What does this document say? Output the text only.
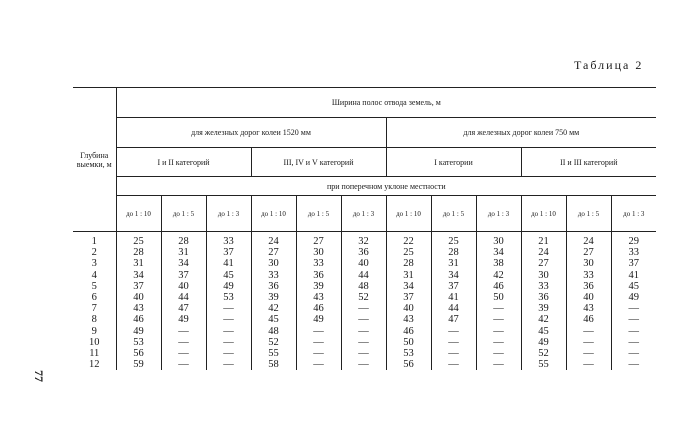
Таблица 2
77
Глубина выемки, м	Ширина полос отвода земель, м											
	для железных дорог колеи 1520 мм						для железных дорог колеи 750 мм					
	I и II категорий			III, IV и V категорий			I категории			II и III категорий		
	при поперечном уклоне местности											
	до 1 : 10	до 1 : 5	до 1 : 3	до 1 : 10	до 1 : 5	до 1 : 3	до 1 : 10	до 1 : 5	до 1 : 3	до 1 : 10	до 1 : 5	до 1 : 3

1	25	28	33	24	27	32	22	25	30	21	24	29
2	28	31	37	27	30	36	25	28	34	24	27	33
3	31	34	41	30	33	40	28	31	38	27	30	37
4	34	37	45	33	36	44	31	34	42	30	33	41
5	37	40	49	36	39	48	34	37	46	33	36	45
6	40	44	53	39	43	52	37	41	50	36	40	49
7	43	47	—	42	46	—	40	44	—	39	43	—
8	46	49	—	45	49	—	43	47	—	42	46	—
9	49	—	—	48	—	—	46	—	—	45	—	—
10	53	—	—	52	—	—	50	—	—	49	—	—
11	56	—	—	55	—	—	53	—	—	52	—	—
12	59	—	—	58	—	—	56	—	—	55	—	—
